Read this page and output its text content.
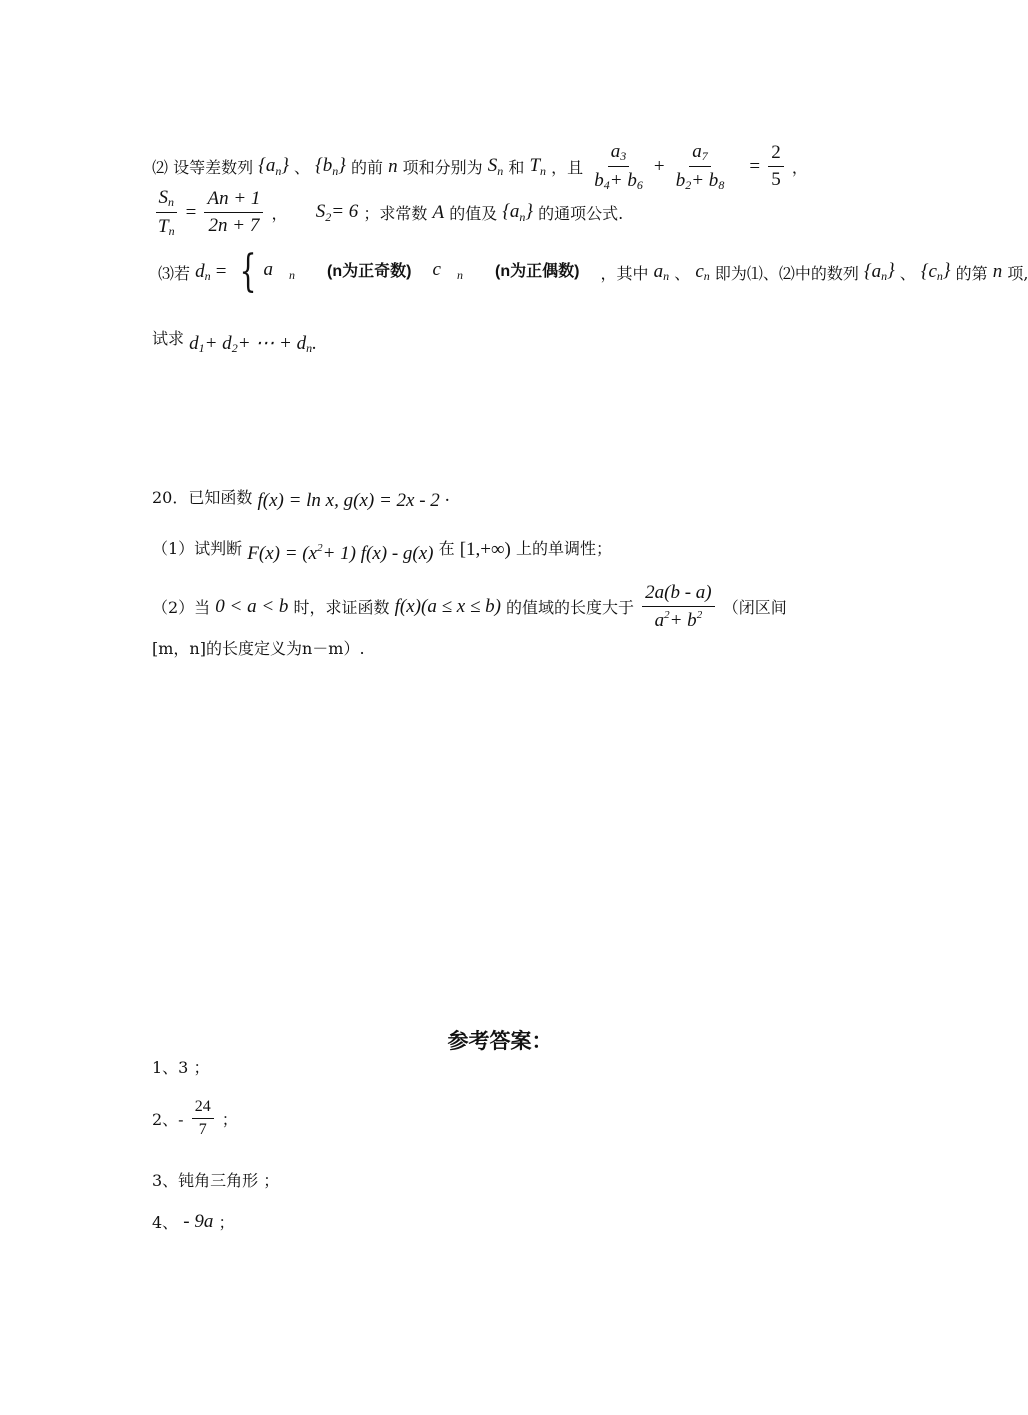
⑵ 设等差数列 {an} 、 {bn} 的前 n 项和分别为 Sn 和 Tn ，且 $\frac{a3}{b4+ b6} + \frac{a7}{b2+ b8} = \frac{2}{5}$ ，
$\frac{Sn}{Tn} = \frac{An + 1}{2n + 7}$ ， S2= 6 ；求常数 A 的值及 {an} 的通项公式.
⑶若 dn = { a n (n为正奇数) c n (n为正偶数)	，其中 an 、 cn 即为⑴、⑵中的数列 {an} 、 {cn} 的第 n 项,
试求 d1+ d2+ ⋯ + dn.
20．已知函数 f(x) = ln x, g(x) = 2x - 2 .
（1）试判断 F(x) = (x2+ 1) f(x) - g(x) 在 [1,+∞) 上的单调性；
（2）当 0 < a < b 时，求证函数 f(x)(a ≤ x ≤ b) 的值域的长度大于 $\frac{2a(b - a)}{a2+ b2}$ （闭区间
[m，n]的长度定义为n－m）.
参考答案：
1、3 ；
2、- $\frac{24}{7}$ ；
3、钝角三角形 ；
4、 - 9a ；
